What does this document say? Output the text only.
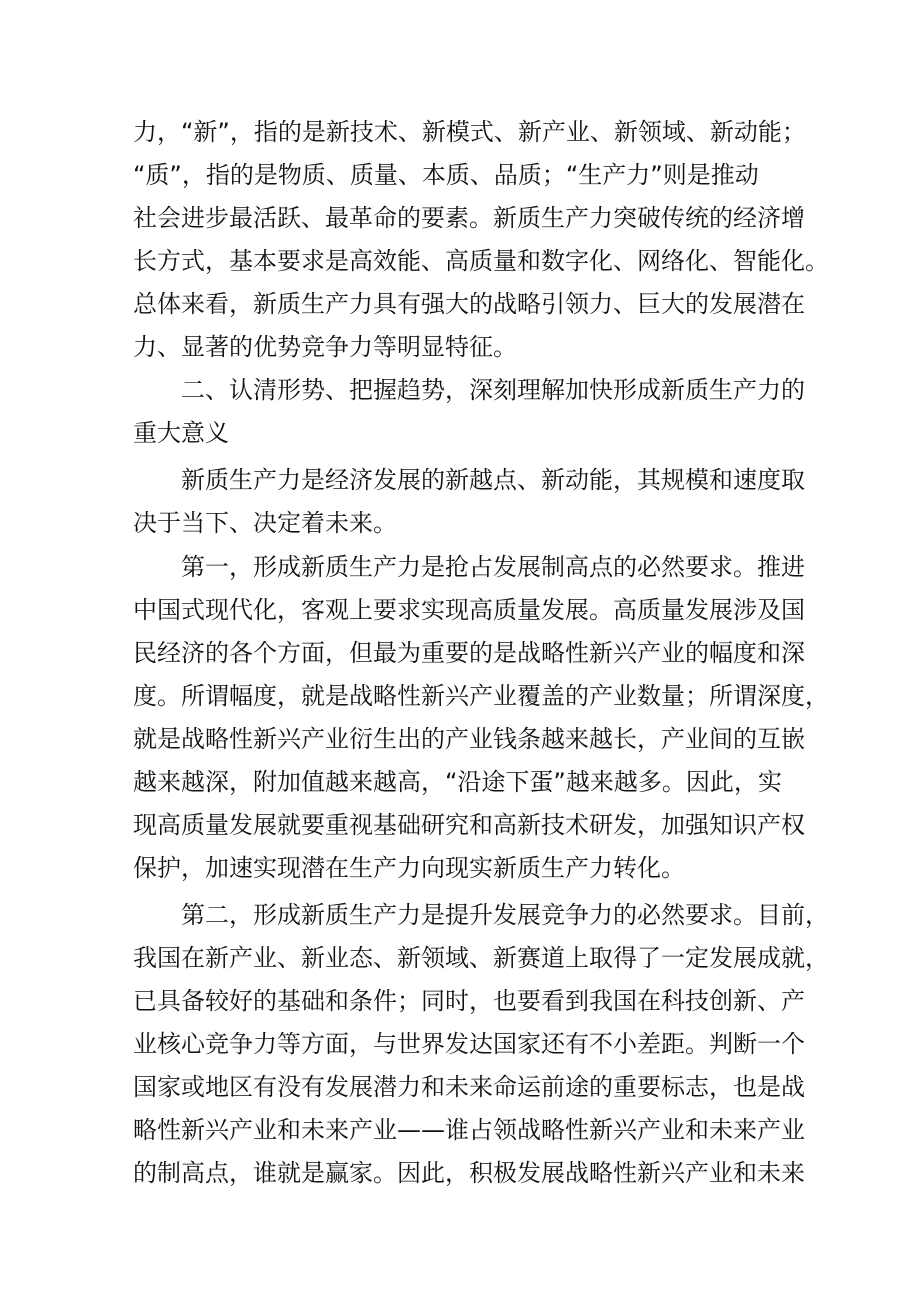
力，“新”，指的是新技术、新模式、新产业、新领域、新动能；
“质”，指的是物质、质量、本质、品质；“生产力”则是推动
社会进步最活跃、最革命的要素。新质生产力突破传统的经济增
长方式，基本要求是高效能、高质量和数字化、网络化、智能化。
总体来看，新质生产力具有强大的战略引领力、巨大的发展潜在
力、显著的优势竞争力等明显特征。
二、认清形势、把握趋势，深刻理解加快形成新质生产力的
重大意义
新质生产力是经济发展的新越点、新动能，其规模和速度取
决于当下、决定着未来。
第一，形成新质生产力是抢占发展制高点的必然要求。推进
中国式现代化，客观上要求实现高质量发展。高质量发展涉及国
民经济的各个方面，但最为重要的是战略性新兴产业的幅度和深
度。所谓幅度，就是战略性新兴产业覆盖的产业数量；所谓深度，
就是战略性新兴产业衍生出的产业钱条越来越长，产业间的互嵌
越来越深，附加值越来越高，“沿途下蛋”越来越多。因此，实
现高质量发展就要重视基础研究和高新技术研发，加强知识产权
保护，加速实现潜在生产力向现实新质生产力转化。
第二，形成新质生产力是提升发展竞争力的必然要求。目前，
我国在新产业、新业态、新领域、新赛道上取得了一定发展成就，
已具备较好的基础和条件；同时，也要看到我国在科技创新、产
业核心竞争力等方面，与世界发达国家还有不小差距。判断一个
国家或地区有没有发展潜力和未来命运前途的重要标志，也是战
略性新兴产业和未来产业——谁占领战略性新兴产业和未来产业
的制高点，谁就是赢家。因此，积极发展战略性新兴产业和未来
